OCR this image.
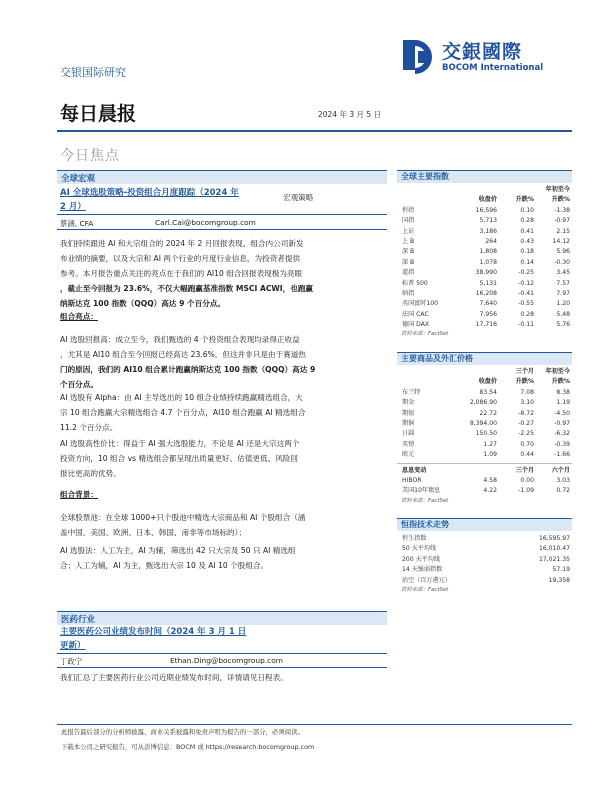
交银国际研究
交銀國際
BOCOM International
每日晨报	2024 年 3 月 5 日
今日焦点
全球宏观
AI 全球选股策略-投资组合月度跟踪（2024 年
2 月）
宏观策略
蔡涵, CFA	Carl.Cai@bocomgroup.com
我们持续跟进 AI 和大宗组合的 2024 年 2 月回报表现、组合内公司新发
布业绩的摘要，以及大宗和 AI 两个行业的月度行业信息，为投资者提供
参考。本月报告重点关注的亮点在于我们的 AI10 组合回报表现极为亮眼
，截止至今回报为 23.6%，不仅大幅跑赢基准指数 MSCI ACWI，也跑赢
纳斯达克 100 指数（QQQ）高达 9 个百分点。
组合亮点：
AI 选股回报高：成立至今，我们甄选的 4 个投资组合表现均录得正收益
，尤其是 AI10 组合至今回报已经高达 23.6%，但这并非只是由于赛道热
门的原因，我们的 AI10 组合累计跑赢纳斯达克 100 指数（QQQ）高达 9
个百分点。
AI 选股有 Alpha：由 AI 主导选出的 10 组合业绩持续跑赢精选组合，大
宗 10 组合跑赢大宗精选组合 4.7 个百分点，AI10 组合跑赢 AI 精选组合
11.2 个百分点。
AI 选股高性价比：得益于 AI 强大选股能力，不论是 AI 还是大宗这两个
投资方向，10 组合 vs 精选组合都呈现出质量更好、估值更低、风险回
报比更高的优势。
组合背景：
全球股票池：在全球 1000+只个股池中精选大宗商品和 AI 个股组合（涵
盖中国、美国、欧洲、日本、韩国、南非等市场标的）；
AI 选股法：人工为主，AI 为辅，筛选出 42 只大宗及 50 只 AI 精选组
合；人工为辅，AI 为主，甄选出大宗 10 及 AI 10 个股组合。
医药行业
主要医药公司业绩发布时间（2024 年 3 月 1 日
更新）
丁政宁	Ethan.Ding@bocomgroup.com
我们汇总了主要医药行业公司近期业绩发布时间，详情请见日程表。
全球主要指数
年初至今
收盘价	升跌%	升跌%
恒指	16,596	0.10	-1.38
国指	5,713	0.28	-0.97
上证	3,186	0.41	2.15
上 B	264	0.43	14.12
深 B	1,808	0.18	5.96
深 B	1,078	0.14	-0.30
道指	38,990	-0.25	3.45
标普 500	5,131	-0.12	7.57
纳指	16,208	-0.41	7.97
英国富时100	7,640	-0.55	1.20
法国 CAC	7,956	0.28	5.48
德国 DAX	17,716	-0.11	5.76
资料来源：FactSet
主要商品及外汇价格
三个月	年初至今
收盘价	升跌%	升跌%
布兰特	83.54	7.08	8.38
期金	2,086.90	3.10	1.19
期银	22.72	-8.72	-4.50
期铜	8,394.00	-0.27	-0.97
日圆	150.50	-2.25	-6.32
英镑	1.27	0.70	-0.39
欧元	1.09	0.44	-1.66
息息变动	三个月	六个月
HIBOR	4.58	0.00	3.03
美国10年债息	4.22	-1.09	0.72
资料来源：FactSet
恒指技术走势
恒生指数	16,595.97
50 天平均线	16,010.47
200 天平均线	17,021.35
14 天强弱指数	57.19
沽空（百万港元）	19,358
资料来源：FactSet
此报告最后部分的分析师披露、商业关系披露和免责声明为报告的一部分，必须阅读。
下载本公司之研究报告，可从彭博信息：BOCM 或 https://research.bocomgroup.com
